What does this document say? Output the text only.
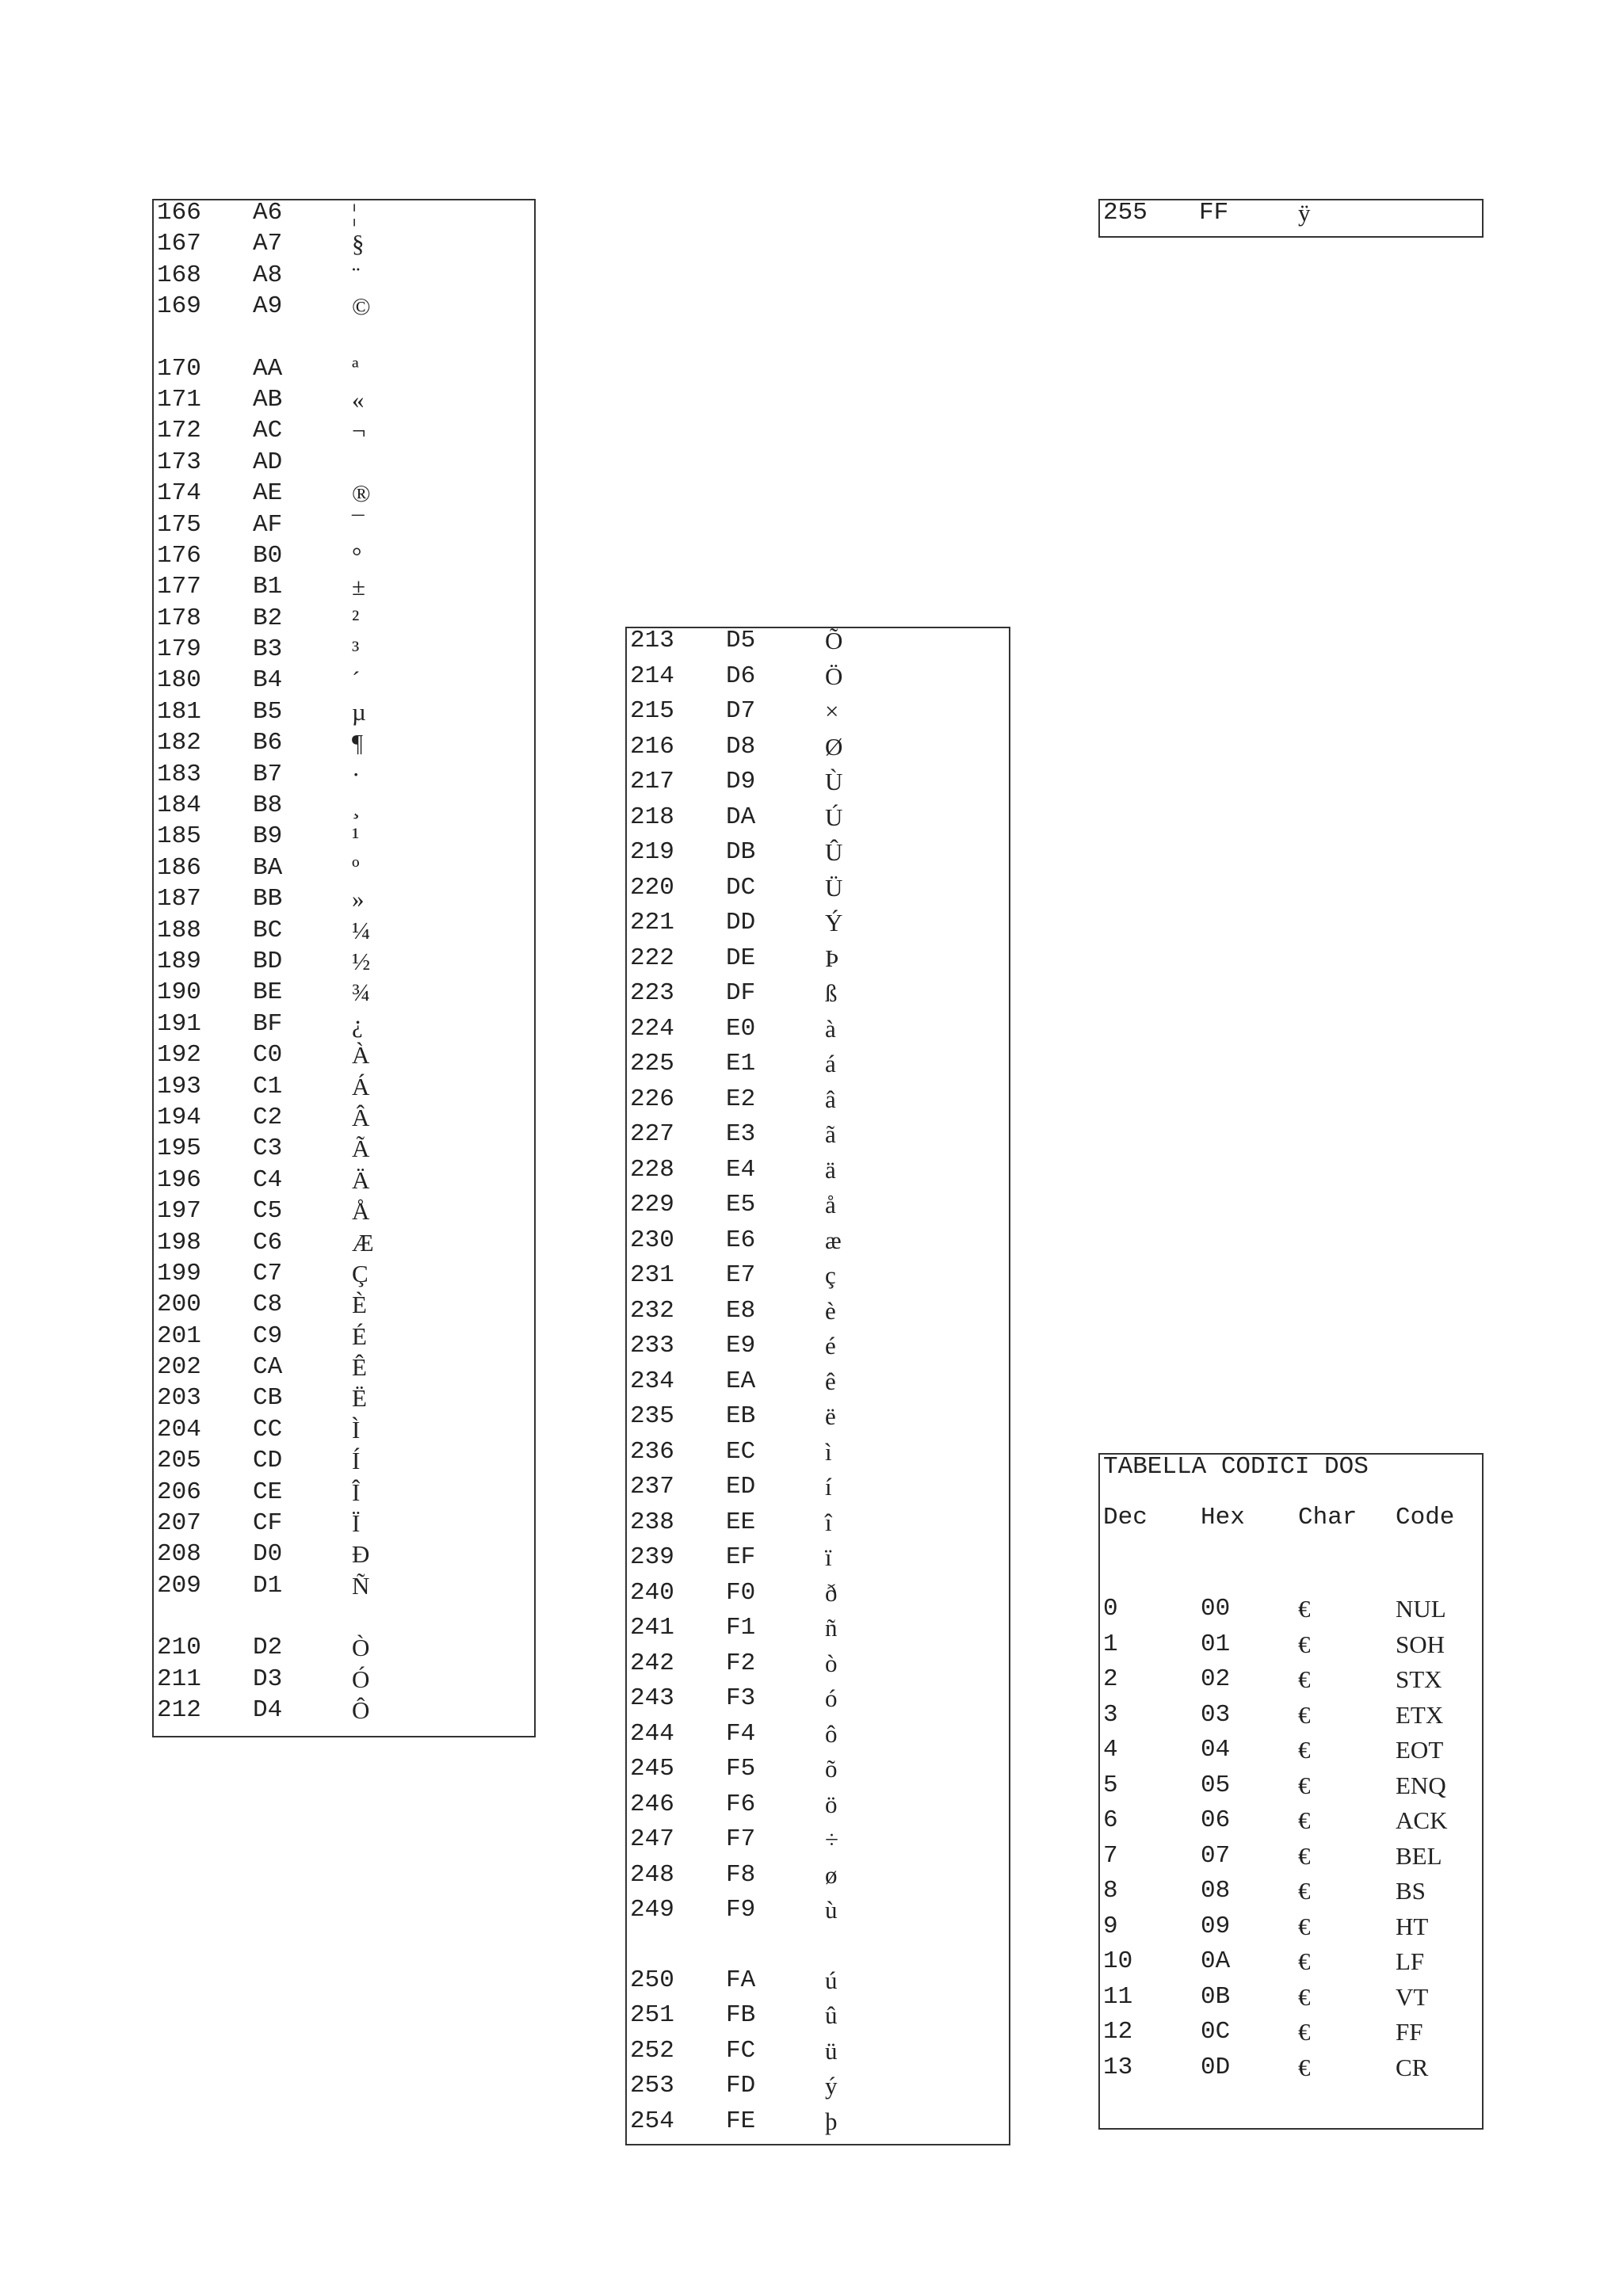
166 A6	¦
167 A7	§
168 A8	¨
169 A9	©
170 AA	ª
171 AB	«
172 AC	¬
173 AD
174 AE	®
175 AF	¯
176 B0	°
177 B1	±
178 B2	²
179 B3	³
180 B4	´
181 B5	µ
182 B6	¶
183 B7	·
184 B8	¸
185 B9	¹
186 BA	º
187 BB	»
188 BC	¼
189 BD	½
190 BE	¾
191 BF	¿
192 C0	À
193 C1	Á
194 C2	Â
195 C3	Ã
196 C4	Ä
197 C5	Å
198 C6	Æ
199 C7	Ç
200 C8	È
201 C9	É
202 CA	Ê
203 CB	Ë
204 CC	Ì
205 CD	Í
206 CE	Î
207 CF	Ï
208 D0	Ð
209 D1	Ñ
210 D2	Ò
211 D3	Ó
212 D4	Ô
213 D5	Õ
214 D6	Ö
215 D7	×
216 D8	Ø
217 D9	Ù
218 DA	Ú
219 DB	Û
220 DC	Ü
221 DD	Ý
222 DE	Þ
223 DF	ß
224 E0	à
225 E1	á
226 E2	â
227 E3	ã
228 E4	ä
229 E5	å
230 E6	æ
231 E7	ç
232 E8	è
233 E9	é
234 EA	ê
235 EB	ë
236 EC	ì
237 ED	í
238 EE	î
239 EF	ï
240 F0	ð
241 F1	ñ
242 F2	ò
243 F3	ó
244 F4	ô
245 F5	õ
246 F6	ö
247 F7	÷
248 F8	ø
249 F9	ù
250 FA	ú
251 FB	û
252 FC	ü
253 FD	ý
254 FE	þ
255 FF	ÿ
TABELLA CODICI DOS
Dec Hex Char Code
0	00	€	NUL
1	01	€	SOH
2	02	€	STX
3	03	€	ETX
4	04	€	EOT
5	05	€	ENQ
6	06	€	ACK
7	07	€	BEL
8	08	€	BS
9	09	€	HT
10	0A	€	LF
11	0B	€	VT
12	0C	€	FF
13	0D	€	CR
